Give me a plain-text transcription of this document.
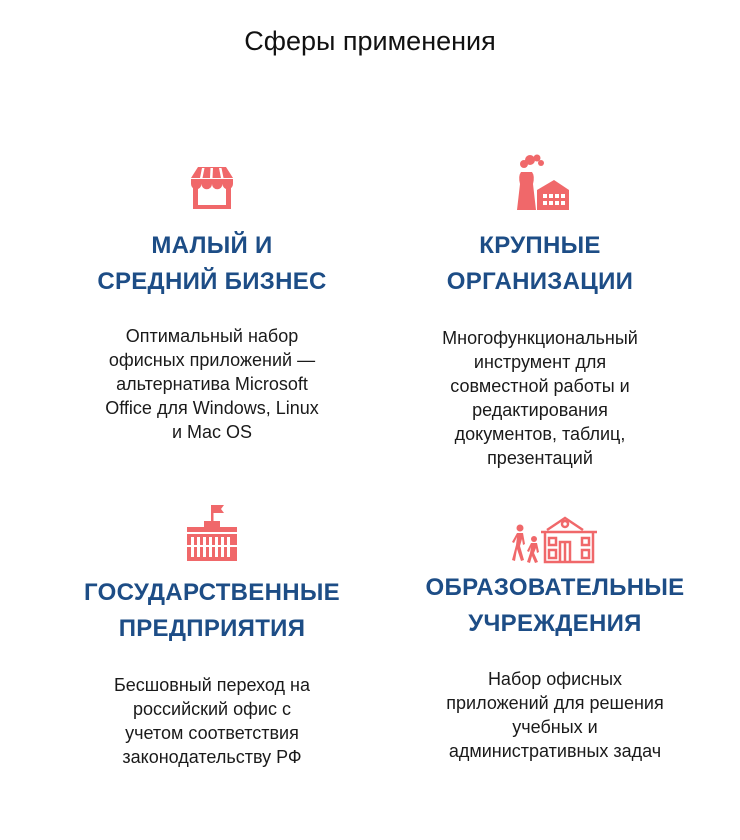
Сферы применения
МАЛЫЙ И
СРЕДНИЙ БИЗНЕС
Оптимальный набор
офисных приложений —
альтернатива Microsoft
Office для Windows, Linux
и Mac OS
КРУПНЫЕ
ОРГАНИЗАЦИИ
Многофункциональный
инструмент для
совместной работы и
редактирования
документов, таблиц,
презентаций
ГОСУДАРСТВЕННЫЕ
ПРЕДПРИЯТИЯ
Бесшовный переход на
российский офис с
учетом соответствия
законодательству РФ
ОБРАЗОВАТЕЛЬНЫЕ
УЧРЕЖДЕНИЯ
Набор офисных
приложений для решения
учебных и
административных задач
